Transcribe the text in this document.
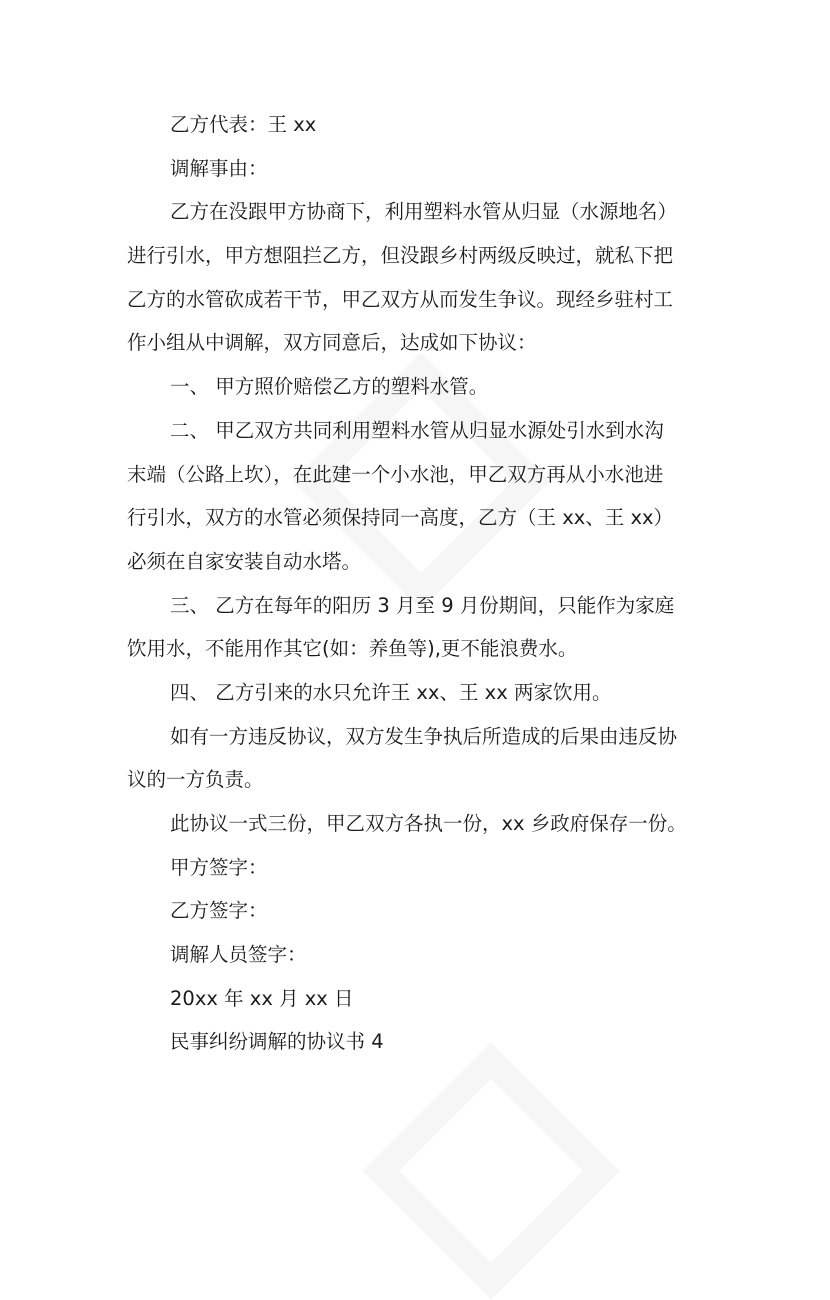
乙方代表：王 xx
调解事由：
乙方在没跟甲方协商下，利用塑料水管从归显（水源地名）
进行引水，甲方想阻拦乙方，但没跟乡村两级反映过，就私下把
乙方的水管砍成若干节，甲乙双方从而发生争议。现经乡驻村工
作小组从中调解，双方同意后，达成如下协议：
一、 甲方照价赔偿乙方的塑料水管。
二、 甲乙双方共同利用塑料水管从归显水源处引水到水沟
末端（公路上坎），在此建一个小水池，甲乙双方再从小水池进
行引水，双方的水管必须保持同一高度，乙方（王 xx、王 xx）
必须在自家安装自动水塔。
三、 乙方在每年的阳历 3 月至 9 月份期间，只能作为家庭
饮用水，不能用作其它(如：养鱼等),更不能浪费水。
四、 乙方引来的水只允许王 xx、王 xx 两家饮用。
如有一方违反协议，双方发生争执后所造成的后果由违反协
议的一方负责。
此协议一式三份，甲乙双方各执一份，xx 乡政府保存一份。
甲方签字：
乙方签字：
调解人员签字：
20xx 年 xx 月 xx 日
民事纠纷调解的协议书 4
